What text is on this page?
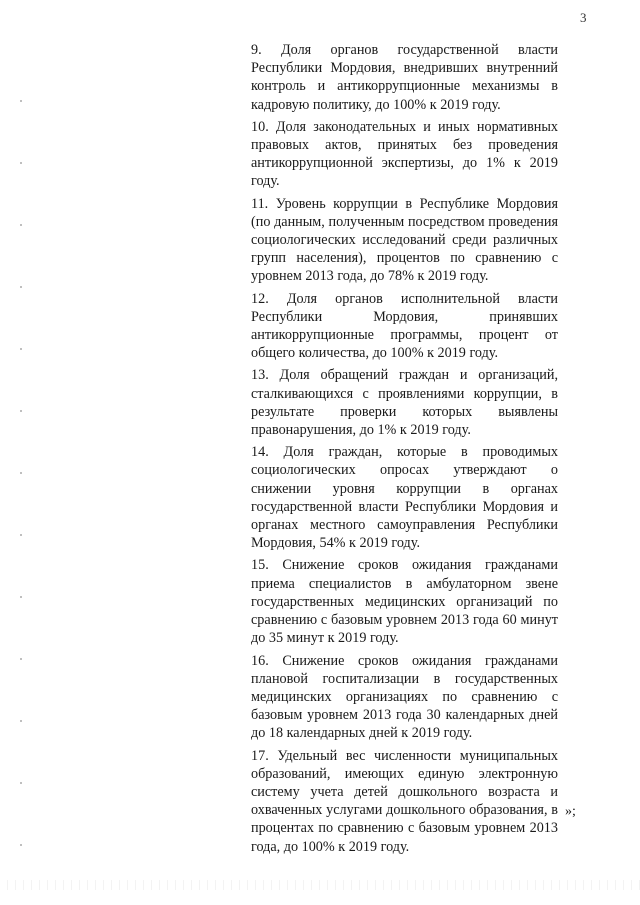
3

9. Доля органов государственной власти Республики Мордовия, внедривших внутренний контроль и антикоррупционные механизмы в кадровую политику, до 100% к 2019 году.

10. Доля законодательных и иных нормативных правовых актов, принятых без проведения антикоррупционной экспертизы, до 1% к 2019 году.

11. Уровень коррупции в Республике Мордовия (по данным, полученным посредством проведения социологических исследований среди различных групп населения), процентов по сравнению с уровнем 2013 года, до 78% к 2019 году.

12. Доля органов исполнительной власти Республики Мордовия, принявших антикоррупционные программы, процент от общего количества, до 100% к 2019 году.

13. Доля обращений граждан и организаций, сталкивающихся с проявлениями коррупции, в результате проверки которых выявлены правонарушения, до 1% к 2019 году.

14. Доля граждан, которые в проводимых социологических опросах утверждают о снижении уровня коррупции в органах государственной власти Республики Мордовия и органах местного самоуправления Республики Мордовия, 54% к 2019 году.

15. Снижение сроков ожидания гражданами приема специалистов в амбулаторном звене государственных медицинских организаций по сравнению с базовым уровнем 2013 года 60 минут до 35 минут к 2019 году.

16. Снижение сроков ожидания гражданами плановой госпитализации в государственных медицинских организациях по сравнению с базовым уровнем 2013 года 30 календарных дней до 18 календарных дней к 2019 году.

17. Удельный вес численности муниципальных образований, имеющих единую электронную систему учета детей дошкольного возраста и охваченных услугами дошкольного образования, в процентах по сравнению с базовым уровнем 2013 года, до 100% к 2019 году.

»;
